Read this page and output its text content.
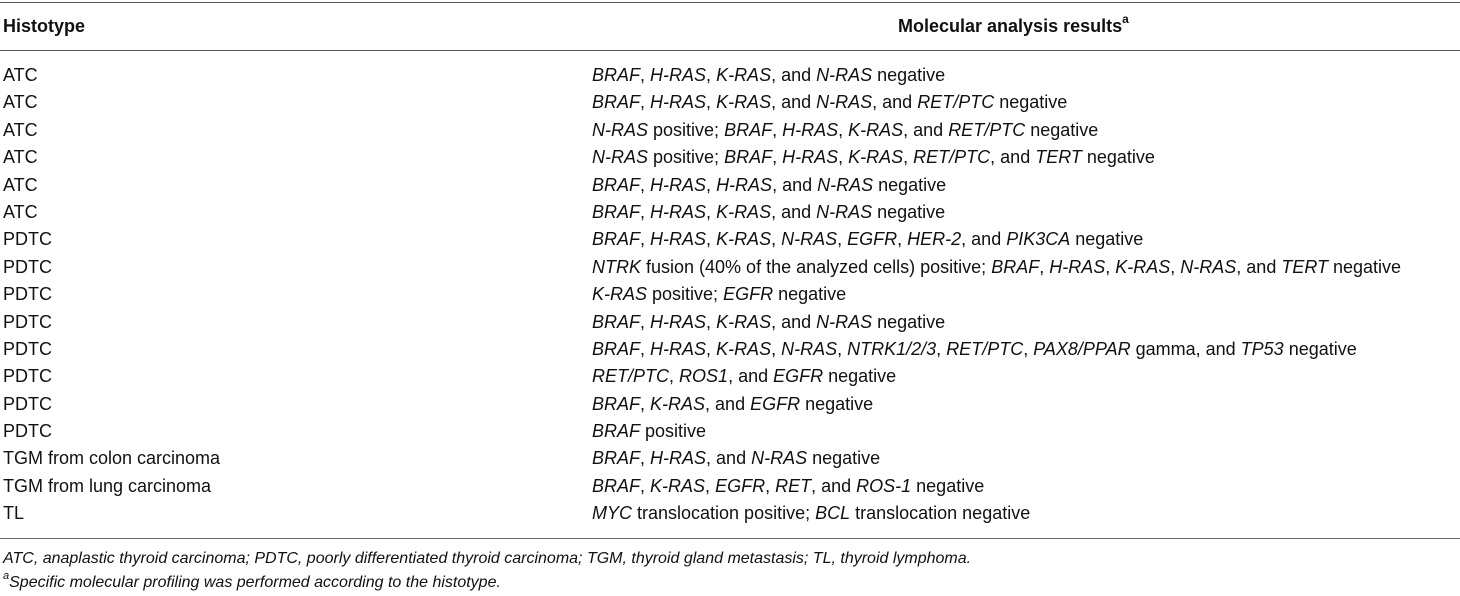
Histotype	Molecular analysis results$^a$
ATC	BRAF, H-RAS, K-RAS, and N-RAS negative
ATC	BRAF, H-RAS, K-RAS, and N-RAS, and RET/PTC negative
ATC	N-RAS positive; BRAF, H-RAS, K-RAS, and RET/PTC negative
ATC	N-RAS positive; BRAF, H-RAS, K-RAS, RET/PTC, and TERT negative
ATC	BRAF, H-RAS, H-RAS, and N-RAS negative
ATC	BRAF, H-RAS, K-RAS, and N-RAS negative
PDTC	BRAF, H-RAS, K-RAS, N-RAS, EGFR, HER-2, and PIK3CA negative
PDTC	NTRK fusion (40% of the analyzed cells) positive; BRAF, H-RAS, K-RAS, N-RAS, and TERT negative
PDTC	K-RAS positive; EGFR negative
PDTC	BRAF, H-RAS, K-RAS, and N-RAS negative
PDTC	BRAF, H-RAS, K-RAS, N-RAS, NTRK1/2/3, RET/PTC, PAX8/PPAR gamma, and TP53 negative
PDTC	RET/PTC, ROS1, and EGFR negative
PDTC	BRAF, K-RAS, and EGFR negative
PDTC	BRAF positive
TGM from colon carcinoma	BRAF, H-RAS, and N-RAS negative
TGM from lung carcinoma	BRAF, K-RAS, EGFR, RET, and ROS-1 negative
TL	MYC translocation positive; BCL translocation negative
ATC, anaplastic thyroid carcinoma; PDTC, poorly differentiated thyroid carcinoma; TGM, thyroid gland metastasis; TL, thyroid lymphoma.
$^a$Specific molecular profiling was performed according to the histotype.
